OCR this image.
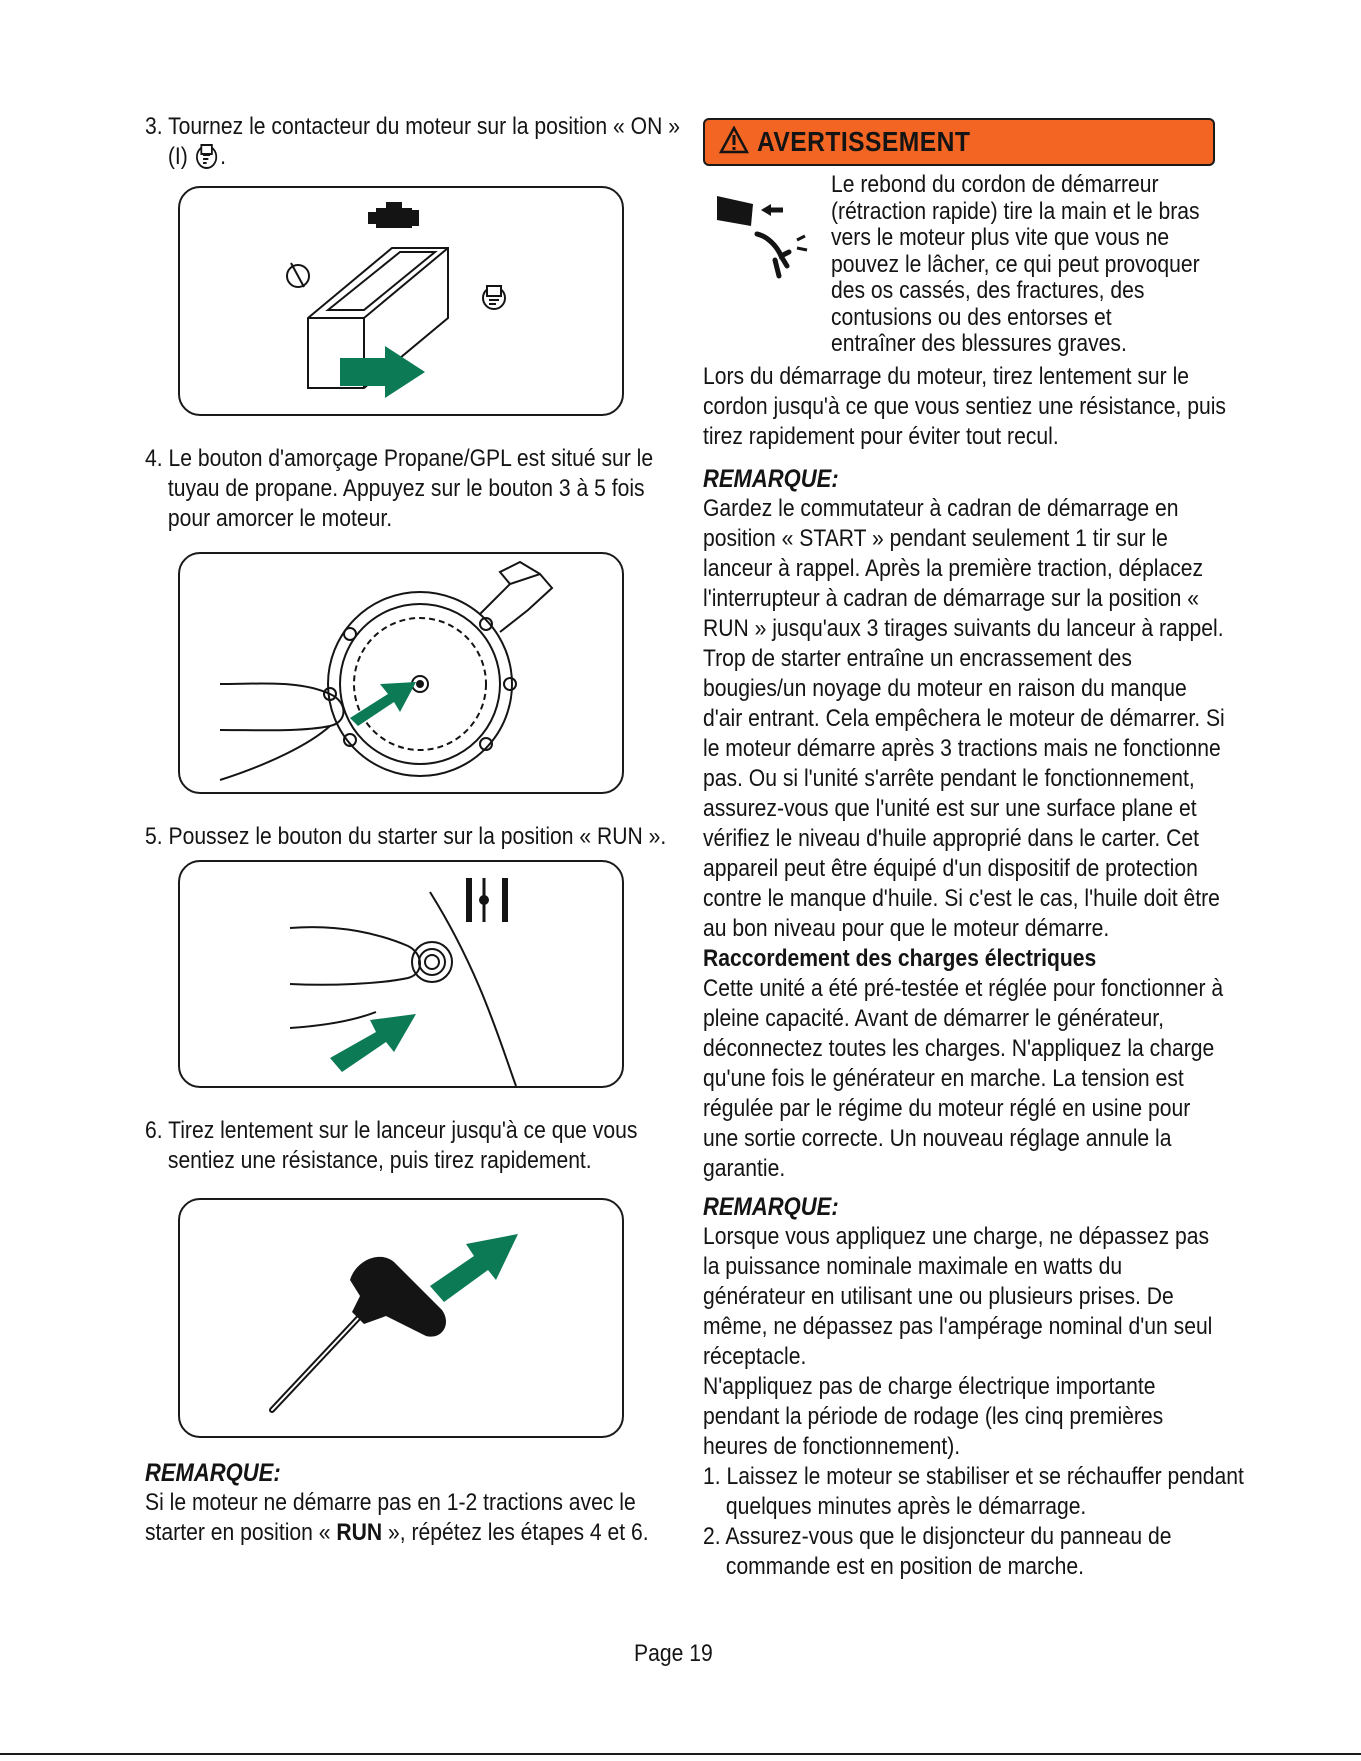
3. Tournez le contacteur du moteur sur la position « ON » (I) .
4. Le bouton d'amorçage Propane/GPL est situé sur le tuyau de propane. Appuyez sur le bouton 3 à 5 fois pour amorcer le moteur.
5. Poussez le bouton du starter sur la position « RUN ».
6. Tirez lentement sur le lanceur jusqu'à ce que vous sentiez une résistance, puis tirez rapidement.
REMARQUE:
Si le moteur ne démarre pas en 1-2 tractions avec le starter en position « RUN », répétez les étapes 4 et 6.
AVERTISSEMENT
Le rebond du cordon de démarreur (rétraction rapide) tire la main et le bras vers le moteur plus vite que vous ne pouvez le lâcher, ce qui peut provoquer des os cassés, des fractures, des contusions ou des entorses et entraîner des blessures graves.
Lors du démarrage du moteur, tirez lentement sur le cordon jusqu'à ce que vous sentiez une résistance, puis tirez rapidement pour éviter tout recul.
REMARQUE:
Gardez le commutateur à cadran de démarrage en position « START » pendant seulement 1 tir sur le lanceur à rappel. Après la première traction, déplacez l'interrupteur à cadran de démarrage sur la position « RUN » jusqu'aux 3 tirages suivants du lanceur à rappel. Trop de starter entraîne un encrassement des bougies/un noyage du moteur en raison du manque d'air entrant. Cela empêchera le moteur de démarrer. Si le moteur démarre après 3 tractions mais ne fonctionne pas. Ou si l'unité s'arrête pendant le fonctionnement, assurez-vous que l'unité est sur une surface plane et vérifiez le niveau d'huile approprié dans le carter. Cet appareil peut être équipé d'un dispositif de protection contre le manque d'huile. Si c'est le cas, l'huile doit être au bon niveau pour que le moteur démarre.
Raccordement des charges électriques
Cette unité a été pré-testée et réglée pour fonctionner à pleine capacité. Avant de démarrer le générateur, déconnectez toutes les charges. N'appliquez la charge qu'une fois le générateur en marche. La tension est régulée par le régime du moteur réglé en usine pour une sortie correcte. Un nouveau réglage annule la garantie.
REMARQUE:
Lorsque vous appliquez une charge, ne dépassez pas la puissance nominale maximale en watts du générateur en utilisant une ou plusieurs prises. De même, ne dépassez pas l'ampérage nominal d'un seul réceptacle.
N'appliquez pas de charge électrique importante pendant la période de rodage (les cinq premières heures de fonctionnement).
1. Laissez le moteur se stabiliser et se réchauffer pendant quelques minutes après le démarrage.
2. Assurez-vous que le disjoncteur du panneau de commande est en position de marche.
Page 19
